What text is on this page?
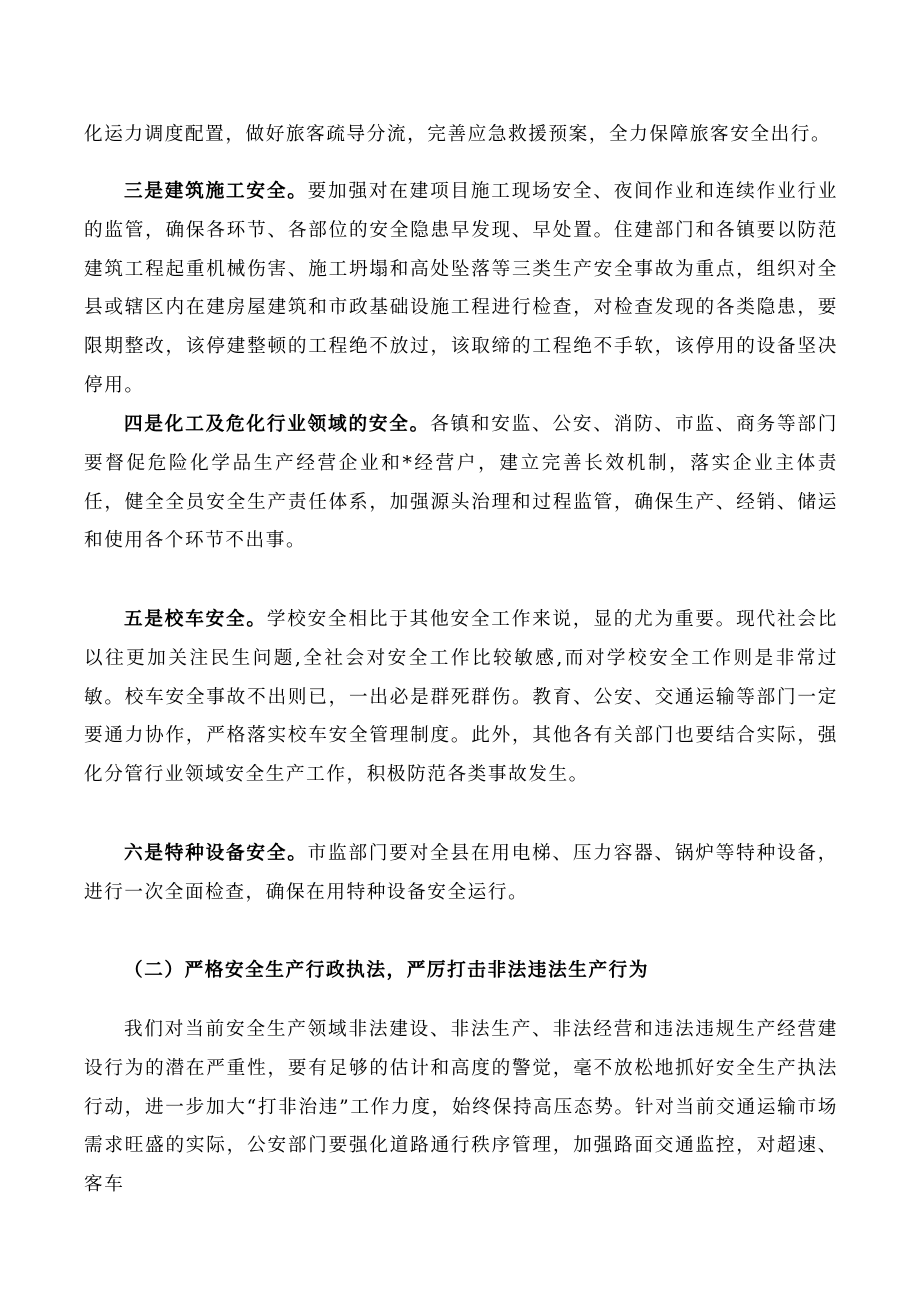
化运力调度配置，做好旅客疏导分流，完善应急救援预案，全力保障旅客安全出行。

三是建筑施工安全。要加强对在建项目施工现场安全、夜间作业和连续作业行业的监管，确保各环节、各部位的安全隐患早发现、早处置。住建部门和各镇要以防范建筑工程起重机械伤害、施工坍塌和高处坠落等三类生产安全事故为重点，组织对全县或辖区内在建房屋建筑和市政基础设施工程进行检查，对检查发现的各类隐患，要限期整改，该停建整顿的工程绝不放过，该取缔的工程绝不手软，该停用的设备坚决停用。

四是化工及危化行业领域的安全。各镇和安监、公安、消防、市监、商务等部门要督促危险化学品生产经营企业和*经营户，建立完善长效机制，落实企业主体责任，健全全员安全生产责任体系，加强源头治理和过程监管，确保生产、经销、储运和使用各个环节不出事。

五是校车安全。学校安全相比于其他安全工作来说，显的尤为重要。现代社会比以往更加关注民生问题,全社会对安全工作比较敏感,而对学校安全工作则是非常过敏。校车安全事故不出则已，一出必是群死群伤。教育、公安、交通运输等部门一定要通力协作，严格落实校车安全管理制度。此外，其他各有关部门也要结合实际，强化分管行业领域安全生产工作，积极防范各类事故发生。

六是特种设备安全。市监部门要对全县在用电梯、压力容器、锅炉等特种设备，进行一次全面检查，确保在用特种设备安全运行。

（二）严格安全生产行政执法，严厉打击非法违法生产行为

我们对当前安全生产领域非法建设、非法生产、非法经营和违法违规生产经营建设行为的潜在严重性，要有足够的估计和高度的警觉，毫不放松地抓好安全生产执法行动，进一步加大“打非治违”工作力度，始终保持高压态势。针对当前交通运输市场需求旺盛的实际，公安部门要强化道路通行秩序管理，加强路面交通监控，对超速、客车
